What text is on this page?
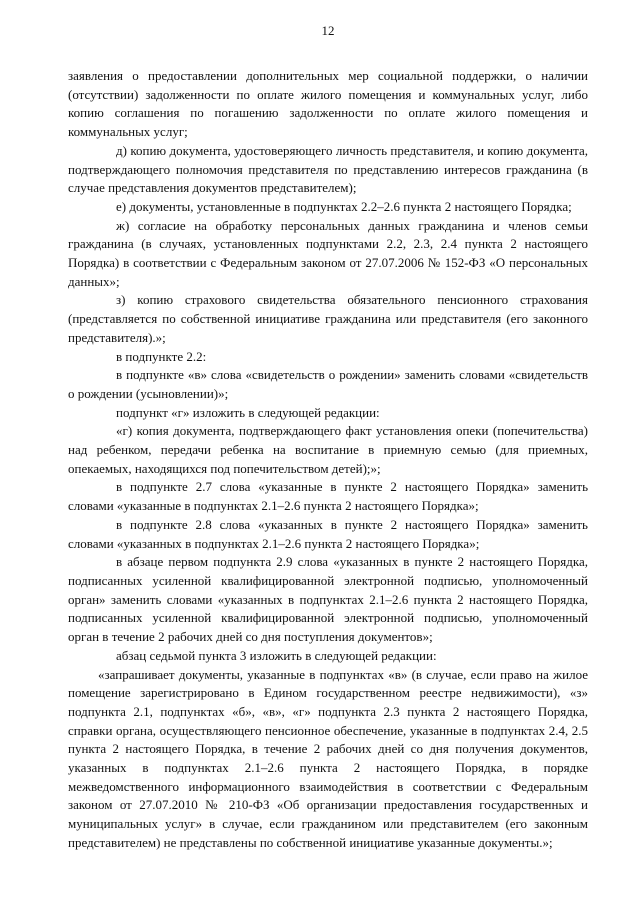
12

заявления о предоставлении дополнительных мер социальной поддержки, о наличии (отсутствии) задолженности по оплате жилого помещения и коммунальных услуг, либо копию соглашения по погашению задолженности по оплате жилого помещения и коммунальных услуг;

д) копию документа, удостоверяющего личность представителя, и копию документа, подтверждающего полномочия представителя по представлению интересов гражданина (в случае представления документов представителем);

е) документы, установленные в подпунктах 2.2–2.6 пункта 2 настоящего Порядка;

ж) согласие на обработку персональных данных гражданина и членов семьи гражданина (в случаях, установленных подпунктами 2.2, 2.3, 2.4 пункта 2 настоящего Порядка) в соответствии с Федеральным законом от 27.07.2006 № 152-ФЗ «О персональных данных»;

з) копию страхового свидетельства обязательного пенсионного страхования (представляется по собственной инициативе гражданина или представителя (его законного представителя).»;

в подпункте 2.2:

в подпункте «в» слова «свидетельств о рождении» заменить словами «свидетельств о рождении (усыновлении)»;

подпункт «г» изложить в следующей редакции:

«г) копия документа, подтверждающего факт установления опеки (попечительства) над ребенком, передачи ребенка на воспитание в приемную семью (для приемных, опекаемых, находящихся под попечительством детей);»;

в подпункте 2.7 слова «указанные в пункте 2 настоящего Порядка» заменить словами «указанные в подпунктах 2.1–2.6 пункта 2 настоящего Порядка»;

в подпункте 2.8 слова «указанных в пункте 2 настоящего Порядка» заменить словами «указанных в подпунктах 2.1–2.6 пункта 2 настоящего Порядка»;

в абзаце первом подпункта 2.9 слова «указанных в пункте 2 настоящего Порядка, подписанных усиленной квалифицированной электронной подписью, уполномоченный орган» заменить словами «указанных в подпунктах 2.1–2.6 пункта 2 настоящего Порядка, подписанных усиленной квалифицированной электронной подписью, уполномоченный орган в течение 2 рабочих дней со дня поступления документов»;

абзац седьмой пункта 3 изложить в следующей редакции:

«запрашивает документы, указанные в подпунктах «в» (в случае, если право на жилое помещение зарегистрировано в Едином государственном реестре недвижимости), «з» подпункта 2.1, подпунктах «б», «в», «г» подпункта 2.3 пункта 2 настоящего Порядка, справки органа, осуществляющего пенсионное обеспечение, указанные в подпунктах 2.4, 2.5 пункта 2 настоящего Порядка, в течение 2 рабочих дней со дня получения документов, указанных в подпунктах 2.1–2.6 пункта 2 настоящего Порядка, в порядке межведомственного информационного взаимодействия в соответствии с Федеральным законом от 27.07.2010 № 210-ФЗ «Об организации предоставления государственных и муниципальных услуг» в случае, если гражданином или представителем (его законным представителем) не представлены по собственной инициативе указанные документы.»;
